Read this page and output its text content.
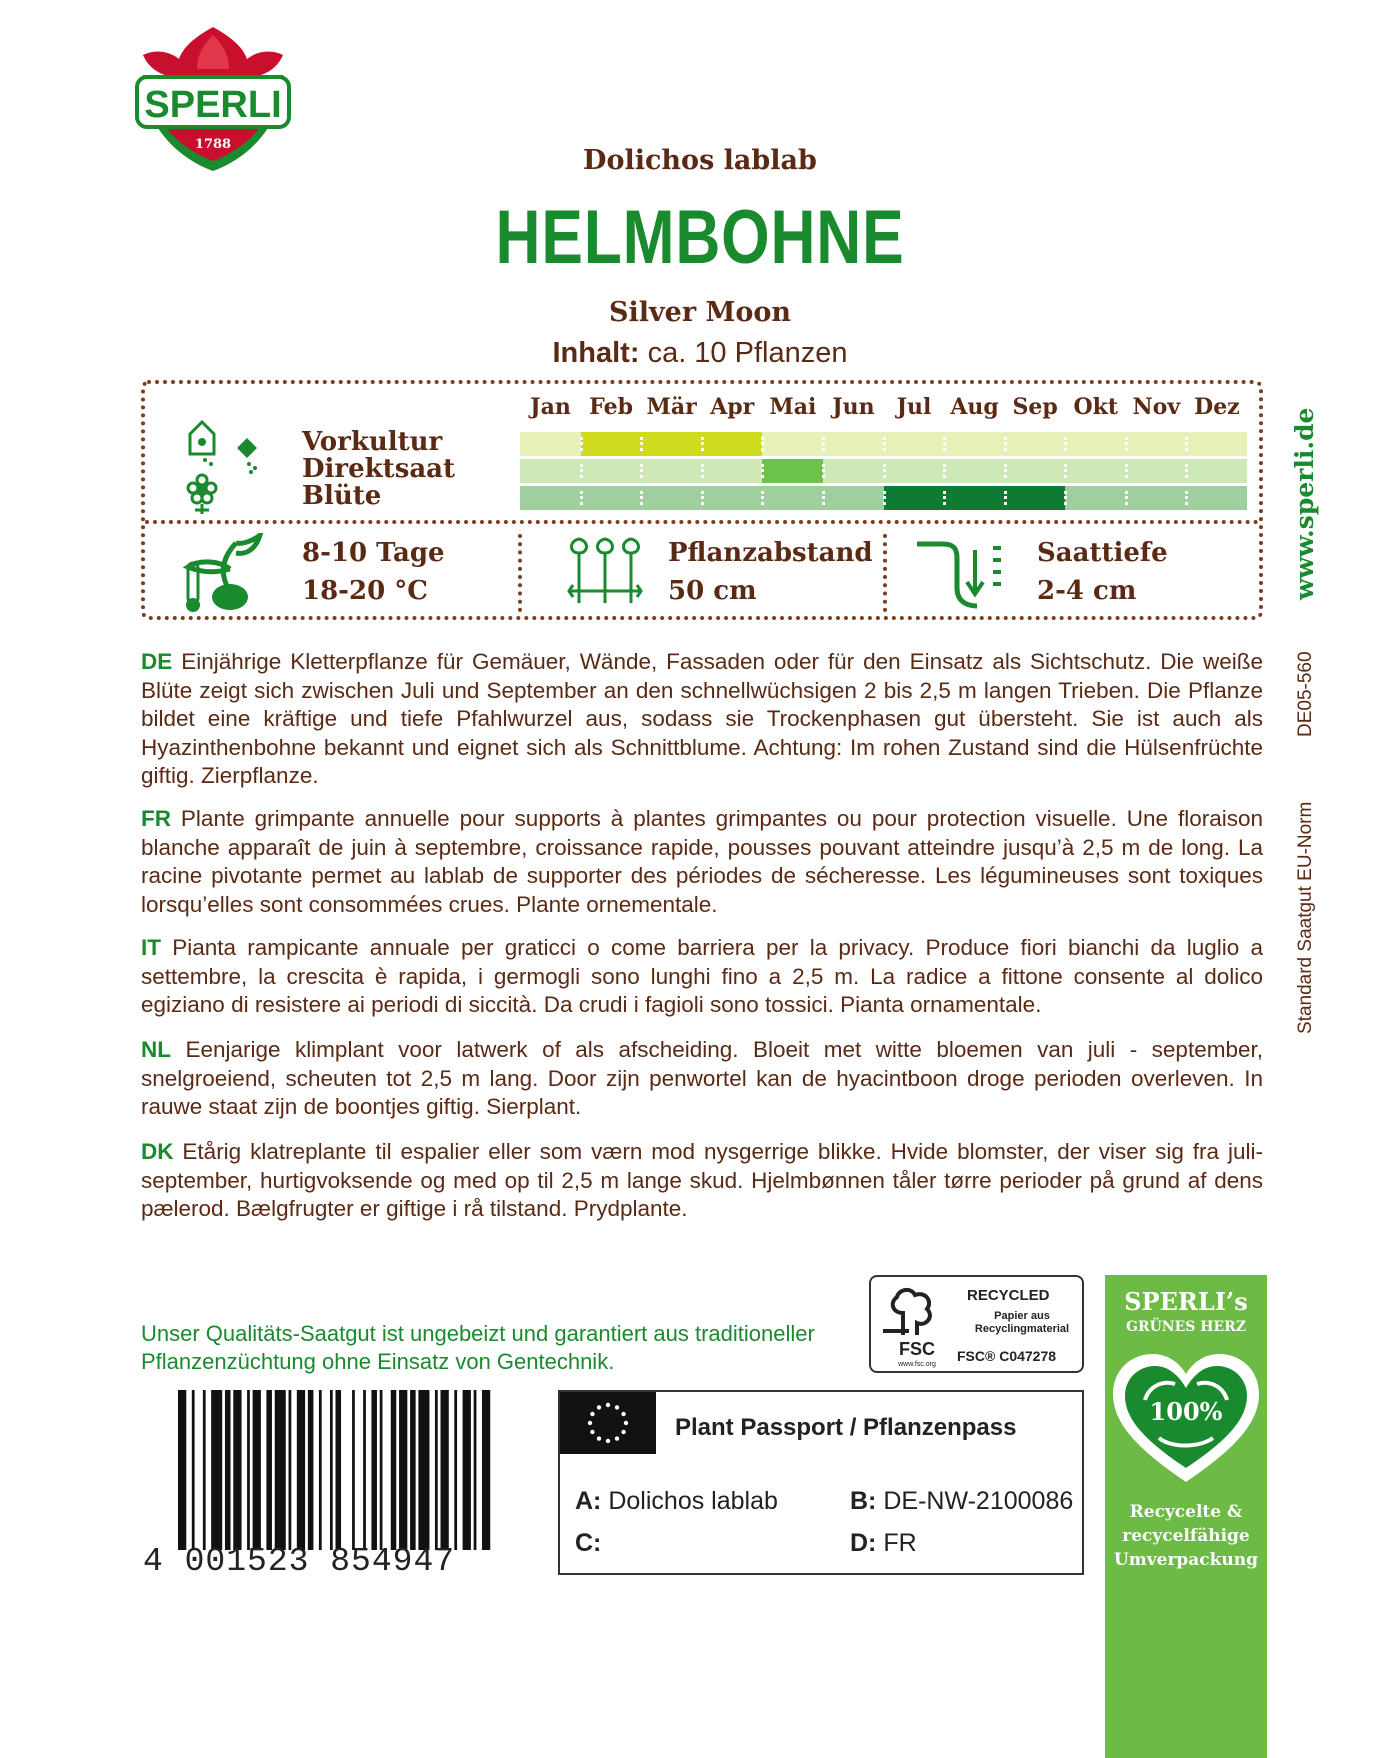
SPERLI
1788
Dolichos lablab
HELMBOHNE
Silver Moon
Inhalt: ca. 10 Pflanzen
Jan Feb Mär Apr Mai Jun	Jul Aug Sep Okt Nov Dez
Vorkultur
Direktsaat
Blüte
8-10 Tage
18-20 °C
Pflanzabstand
50 cm
Saattiefe
2-4 cm
DE Einjährige Kletterpflanze für Gemäuer, Wände, Fassaden oder für den Einsatz als Sichtschutz. Die weiße Blüte zeigt sich zwischen Juli und September an den schnellwüchsigen 2 bis 2,5 m langen Trieben. Die Pflanze bildet eine kräftige und tiefe Pfahlwurzel aus, sodass sie Trockenphasen gut übersteht. Sie ist auch als Hyazinthenbohne bekannt und eignet sich als Schnittblume. Achtung: Im rohen Zustand sind die Hülsenfrüchte giftig. Zierpflanze.
FR Plante grimpante annuelle pour supports à plantes grimpantes ou pour protection visuelle. Une floraison blanche apparaît de juin à septembre, croissance rapide, pousses pouvant atteindre jusqu’à 2,5 m de long. La racine pivotante permet au lablab de supporter des périodes de sécheresse. Les légumineuses sont toxiques lorsqu’elles sont consommées crues. Plante ornementale.
IT Pianta rampicante annuale per graticci o come barriera per la privacy. Produce fiori bianchi da luglio a settembre, la crescita è rapida, i germogli sono lunghi fino a 2,5 m. La radice a fittone consente al dolico egiziano di resistere ai periodi di siccità. Da crudi i fagioli sono tossici. Pianta ornamentale.
NL Eenjarige klimplant voor latwerk of als afscheiding. Bloeit met witte bloemen van juli - september, snelgroeiend, scheuten tot 2,5 m lang. Door zijn penwortel kan de hyacintboon droge perioden overleven. In rauwe staat zijn de boontjes giftig. Sierplant.
DK Etårig klatreplante til espalier eller som værn mod nysgerrige blikke. Hvide blomster, der viser sig fra juli-september, hurtigvoksende og med op til 2,5 m lange skud. Hjelmbønnen tåler tørre perioder på grund af dens pælerod. Bælgfrugter er giftige i rå tilstand. Prydplante.
www.sperli.de
DE05-560
Standard Saatgut EU-Norm
Unser Qualitäts-Saatgut ist ungebeizt und garantiert aus traditioneller Pflanzenzüchtung ohne Einsatz von Gentechnik.
4 001523 854947
FSC
www.fsc.org
RECYCLED
Papier aus Recyclingmaterial
FSC® C047278
Plant Passport / Pflanzenpass
A: Dolichos lablab	B: DE-NW-2100086
C:	D: FR
SPERLI’s
GRÜNES HERZ
100%
Recycelte & recycelfähige Umverpackung
